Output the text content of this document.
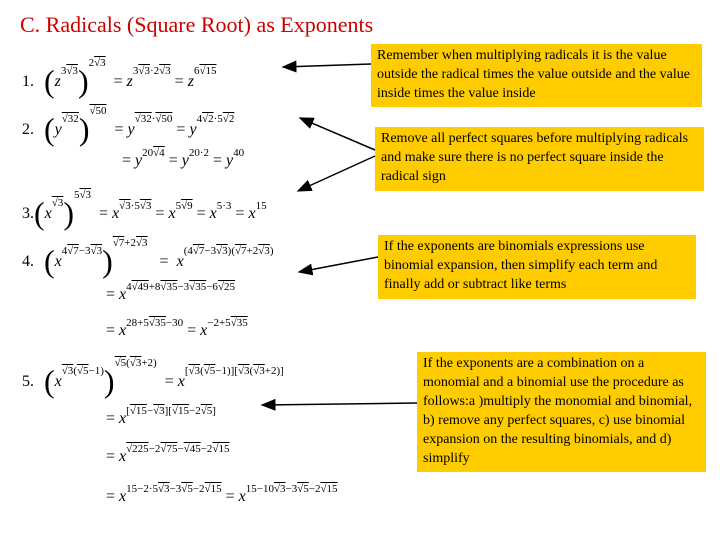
C. Radicals (Square Root) as Exponents
1. $(z^{3√3})^{2√3} = z^{3√3\cdot 2√3} = z^{6√15}$
2. $(y^{√32})^{√50} = y^{√32\cdot√50} = y^{4√2\cdot 5√2}$
= $y^{20√4} = y^{20\cdot 2} = y^{40}$
$3.(x^{√3})^{5√3} = x^{√3\cdot 5√3} = x^{5√9} = x^{5\cdot 3} = x^{15}$
4. $(x^{4√7-3√3})^{√7+2√3} = x^{(4√7-3√3)(√7+2√3)}$
= $x^{4√49+8√35-3√35-6√25}$
= $x^{28+5√35-30} = x^{-2+5√35}$
5. $(x^{√3(√5-1)})^{√5(√3+2)} = x[√3(√5-1)][√3(√3+2)]$
= x[√15−√3][√15−2√5]
= $x^{√225-2√75-√45-2√15}$
= $x^{15-2\cdot 5√3-3√5-2√15} = x^{15-10√3-3√5-2√15}$
Remember when multiplying radicals it is the value outside the radical times the value outside and the value inside times the value inside
Remove all perfect squares before multiplying radicals and make sure there is no perfect square inside the radical sign
If the exponents are binomials expressions use binomial expansion, then simplify each term and finally add or subtract like terms
If the exponents are a combination on a monomial and a binomial use the procedure as follows:a )multiply the monomial and binomial, b) remove any perfect squares, c) use binomial expansion on the resulting binomials, and d) simplify
